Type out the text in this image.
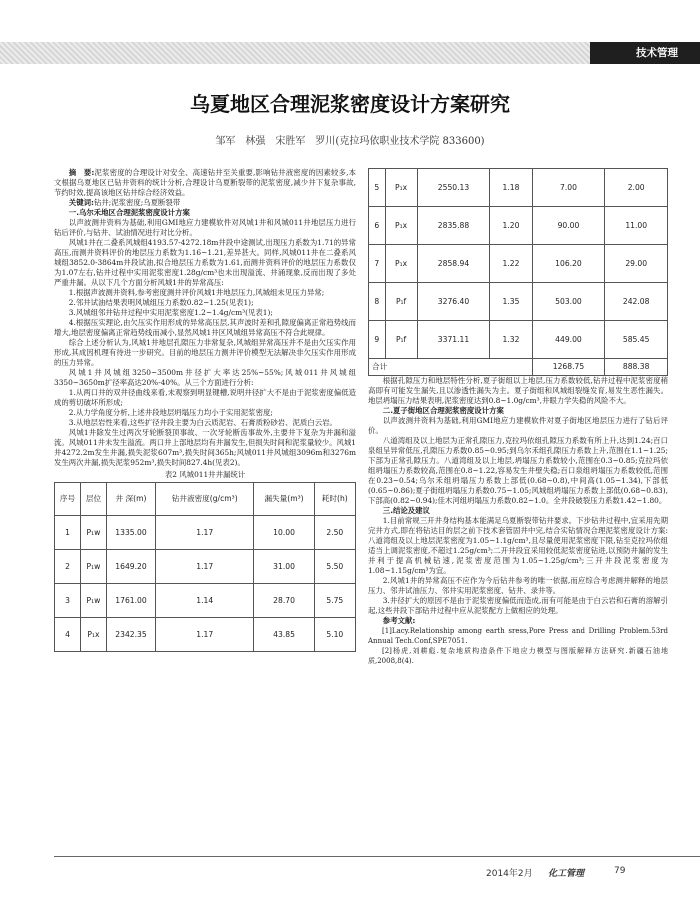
技术管理
乌夏地区合理泥浆密度设计方案研究
邹军　林强　宋胜军　罗川(克拉玛依职业技术学院 833600)

摘　要:泥浆密度的合理设计对安全、高速钻井至关重要,影响钻井液密度的因素较多,本文根据乌夏地区已钻井资料的统计分析,合理设计乌夏断裂带的泥浆密度,减少井下复杂事故,节约时效,提高该地区钻井综合经济效益。

关键词:钻井;泥浆密度;乌夏断裂带

一.乌尔禾地区合理泥浆密度设计方案

以声波测井资料为基础,利用GMI地应力建模软件对风城1井和风城011井地层压力进行钻后评价,与钻井、试油情况进行对比分析。

风城1井在二叠系风城组4193.57-4272.18m井段中途测试,出现压力系数为1.71的异常高压,而测井资料评价的地层压力系数为1.16~1.21,差异甚大。同样,风城011井在二叠系风城组3852.0-3864m井段试油,拟合地层压力系数为1.61,而测井资料评价的地层压力系数仅为1.07左右,钻井过程中实用泥浆密度1.28g/cm³也未出现溢流、井涌现象,反而出现了多处严重井漏。从以下几个方面分析风城1井的异常高压:

1.根据声波测井资料,参考密度测井评价风城1井地层压力,风城组未见压力异常;

2.邻井试油结果表明风城组压力系数0.82~1.25(见表1);

3.风城组邻井钻井过程中实用泥浆密度1.2~1.4g/cm³(见表1);

4.根据压实理论,由欠压实作用形成的异常高压层,其声波时差和孔隙度偏离正常趋势线而增大,地层密度偏离正常趋势线而减小,显然风城1井区风城组异常高压不符合此规律。

综合上述分析认为,风城1井地层孔隙压力非常复杂,风城组异常高压并不是由欠压实作用形成,其成因机理有待进一步研究。目前的地层压力测井评价模型无法解决非欠压实作用形成的压力异常。

风城1井风城组3250~3500m井径扩大率达25%~55%;风城011井风城组3350~3650m扩径率高达20%-40%。从三个方面进行分析:

1.从两口井的双井径曲线来看,未观察到明显键槽,说明井径扩大不是由于泥浆密度偏低造成的剪切破坏所形成;

2.从力学角度分析,上述井段地层坍塌压力均小于实用泥浆密度;

3.从地层岩性来看,这些扩径井段主要为白云质泥岩、石膏质粉砂岩、泥质白云岩。

风城1井除发生过两次牙轮断裂顶事故、一次牙轮断齿事故外,主要井下复杂为井漏和溢流。风城011井未发生溢流。两口井上部地层均有井漏发生,但损失时间和泥浆量较少。风城1井4272.2m发生井漏,损失泥浆607m³,损失时间365h;风城011井风城组3096m和3276m发生两次井漏,损失泥浆952m³,损失时间827.4h(见表2)。

表2 风城011井井漏统计
序号	层位	井 深(m)	钻井液密度(g/cm³)	漏失量(m³)	耗时(h)
1	P₁w	1335.00	1.17	10.00	2.50
2	P₁w	1649.20	1.17	31.00	5.50
3	P₁w	1761.00	1.14	28.70	5.75
4	P₁x	2342.35	1.17	43.85	5.10
5	P₁x	2550.13	1.18	7.00	2.00
6	P₁x	2835.88	1.20	90.00	11.00
7	P₁x	2858.94	1.22	106.20	29.00
8	P₁f	3276.40	1.35	503.00	242.08
9	P₁f	3371.11	1.32	449.00	585.45
合计				1268.75	888.38

根据孔隙压力和地层特性分析,夏子街组以上地层,压力系数较低,钻井过程中泥浆密度稍高即有可能发生漏失,且以渗透性漏失为主。夏子街组和风城组裂缝发育,易发生恶性漏失。地层坍塌压力结果表明,泥浆密度达到0.8~1.0g/cm³,井眼力学失稳的风险不大。

二.夏子街地区合理泥浆密度设计方案

以声波测井资料为基础,利用GMI地应力建模软件对夏子街地区地层压力进行了钻后评价。

八道湾组及以上地层为正常孔隙压力,克拉玛依组孔隙压力系数有所上升,达到1.24;百口泉组呈异常低压,孔隙压力系数0.85~0.95;到乌尔禾组孔隙压力系数上升,范围在1.1~1.25;下部为正常孔隙压力。八道湾组及以上地层,坍塌压力系数较小,范围在0.3~0.85;克拉玛依组坍塌压力系数较高,范围在0.8~1.22,容易发生井壁失稳;百口泉组坍塌压力系数较低,范围在0.23~0.54;乌尔禾组坍塌压力系数上部低(0.68~0.8),中间高(1.05~1.34),下部低(0.65~0.86);夏子街组坍塌压力系数0.75~1.05;风城组坍塌压力系数上部低(0.68~0.83),下部高(0.82~0.94);佳木河组坍塌压力系数0.82~1.0。全井段破裂压力系数1.42~1.80。

三.结论及建议

1.目前常规三开井身结构基本能满足乌夏断裂带钻井要求。下步钻井过程中,宜采用先期完井方式,即在将钻达目的层之前下技术套管固井中完,结合实钻情况合理泥浆密度设计方案:八道湾组及以上地层泥浆密度为1.05~1.1g/cm³,且尽量使用泥浆密度下限,钻至克拉玛依组适当上调泥浆密度,不超过1.25g/cm³;二开井段宜采用较低泥浆密度钻进,以预防井漏的发生并利于提高机械钻速,泥浆密度范围为1.05~1.25g/cm³;三开井段泥浆密度为1.08~1.15g/cm³为宜。

2.风城1井的异常高压不应作为今后钻井参考的唯一依据,而应综合考虑测井解释的地层压力、邻井试油压力、邻井实用泥浆密度、钻井、录井等。

3.井径扩大的原因不是由于泥浆密度偏低而造成,而有可能是由于白云岩和石膏的溶解引起,这些井段下部钻井过程中应从泥浆配方上做相应的处理。

参考文献:

[1]Lacy.Relationship among earth sress,Pore Press and Drilling Problem.53rd Annual Tech.Conf,SPE7051.

[2]杨虎,刘耕彪.复杂地质构造条件下地应力模型与图版解释方法研究.新疆石油地质,2008,8(4).

2014年2月 化工管理	79
